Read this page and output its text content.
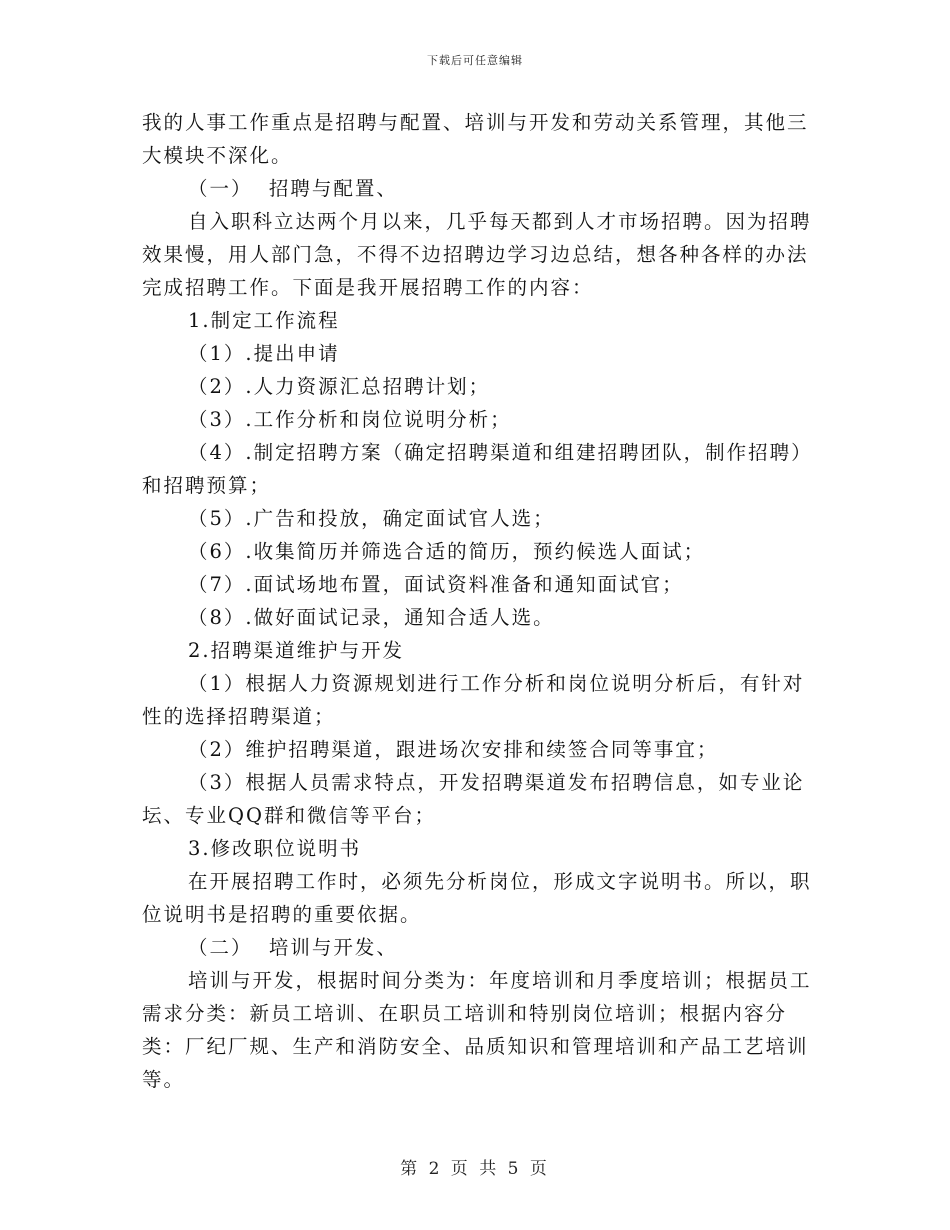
下载后可任意编辑

我的人事工作重点是招聘与配置、培训与开发和劳动关系管理，其他三大模块不深化。

（一）  招聘与配置、

自入职科立达两个月以来，几乎每天都到人才市场招聘。因为招聘效果慢，用人部门急，不得不边招聘边学习边总结，想各种各样的办法完成招聘工作。下面是我开展招聘工作的内容：

1.制定工作流程

（1）.提出申请

（2）.人力资源汇总招聘计划；

（3）.工作分析和岗位说明分析；

（4）.制定招聘方案（确定招聘渠道和组建招聘团队，制作招聘）和招聘预算；

（5）.广告和投放，确定面试官人选；

（6）.收集简历并筛选合适的简历，预约候选人面试；

（7）.面试场地布置，面试资料准备和通知面试官；

（8）.做好面试记录，通知合适人选。

2.招聘渠道维护与开发

（1）根据人力资源规划进行工作分析和岗位说明分析后，有针对性的选择招聘渠道；

（2）维护招聘渠道，跟进场次安排和续签合同等事宜；

（3）根据人员需求特点，开发招聘渠道发布招聘信息，如专业论坛、专业QQ群和微信等平台；

3.修改职位说明书

在开展招聘工作时，必须先分析岗位，形成文字说明书。所以，职位说明书是招聘的重要依据。

（二）  培训与开发、

培训与开发，根据时间分类为：年度培训和月季度培训；根据员工需求分类：新员工培训、在职员工培训和特别岗位培训；根据内容分类：厂纪厂规、生产和消防安全、品质知识和管理培训和产品工艺培训等。

第 2 页 共 5 页
